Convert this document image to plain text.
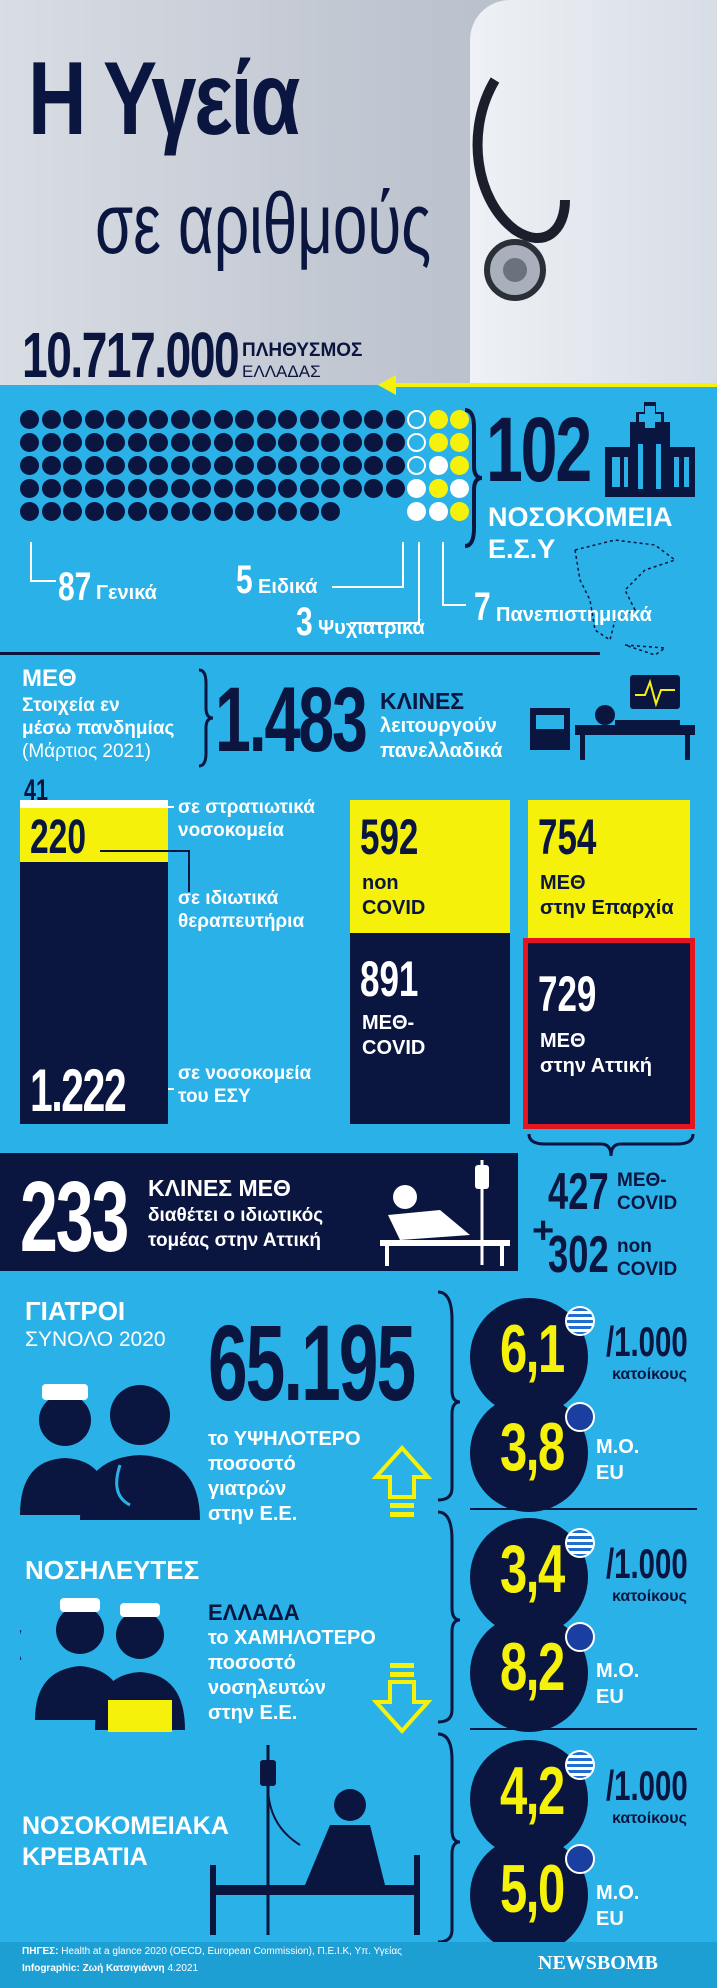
Η Υγεία
σε αριθμούς
10.717.000 ΠΛΗΘΥΣΜΟΣ
ΕΛΛΑΔΑΣ
102
ΝΟΣΟΚΟΜΕΙΑ
Ε.Σ.Υ
87 Γενικά 5 Ειδικά
3 Ψυχιατρικά 7 Πανεπιστημιακά
ΜΕΘ
Στοιχεία εν
μέσω πανδημίας
(Μάρτιος 2021) 1.483 ΚΛΙΝΕΣ
λειτουργούν
πανελλαδικά
41
220
1.222
σε στρατιωτικά
νοσοκομεία
σε ιδιωτικά
θεραπευτήρια
σε νοσοκομεία
του ΕΣΥ
592
non
COVID
891
ΜΕΘ-
COVID
754
ΜΕΘ
στην Επαρχία
729
ΜΕΘ
στην Αττική
233 ΚΛΙΝΕΣ ΜΕΘ
διαθέτει ο ιδιωτικός
τομέας στην Αττική	+
427 ΜΕΘ-
COVID
302 non
COVID
ΓΙΑΤΡΟΙ
ΣΥΝΟΛΟ 2020 65.195
το ΥΨΗΛΟΤΕΡΟ
ποσοστό
γιατρών
στην Ε.Ε.
6,1 /1.000
κατοίκους
3,8 Μ.Ο.
EU
ΝΟΣΗΛΕΥΤΕΣ
ΕΛΛΑΔΑ
το ΧΑΜΗΛΟΤΕΡΟ
ποσοστό
νοσηλευτών
στην Ε.Ε.
3,4 /1.000
κατοίκους
8,2 Μ.Ο.
EU
ΝΟΣΟΚΟΜΕΙΑΚΑ
ΚΡΕΒΑΤΙΑ
4,2 /1.000
κατοίκους
5,0 Μ.Ο.
EU
ΠΗΓΕΣ: Health at a glance 2020 (OECD, European Commission), Π.Ε.Ι.Κ, Υπ. Υγείας
Infographic: Ζωή Κατσιγιάννη 4.2021	NEWSBOMB
